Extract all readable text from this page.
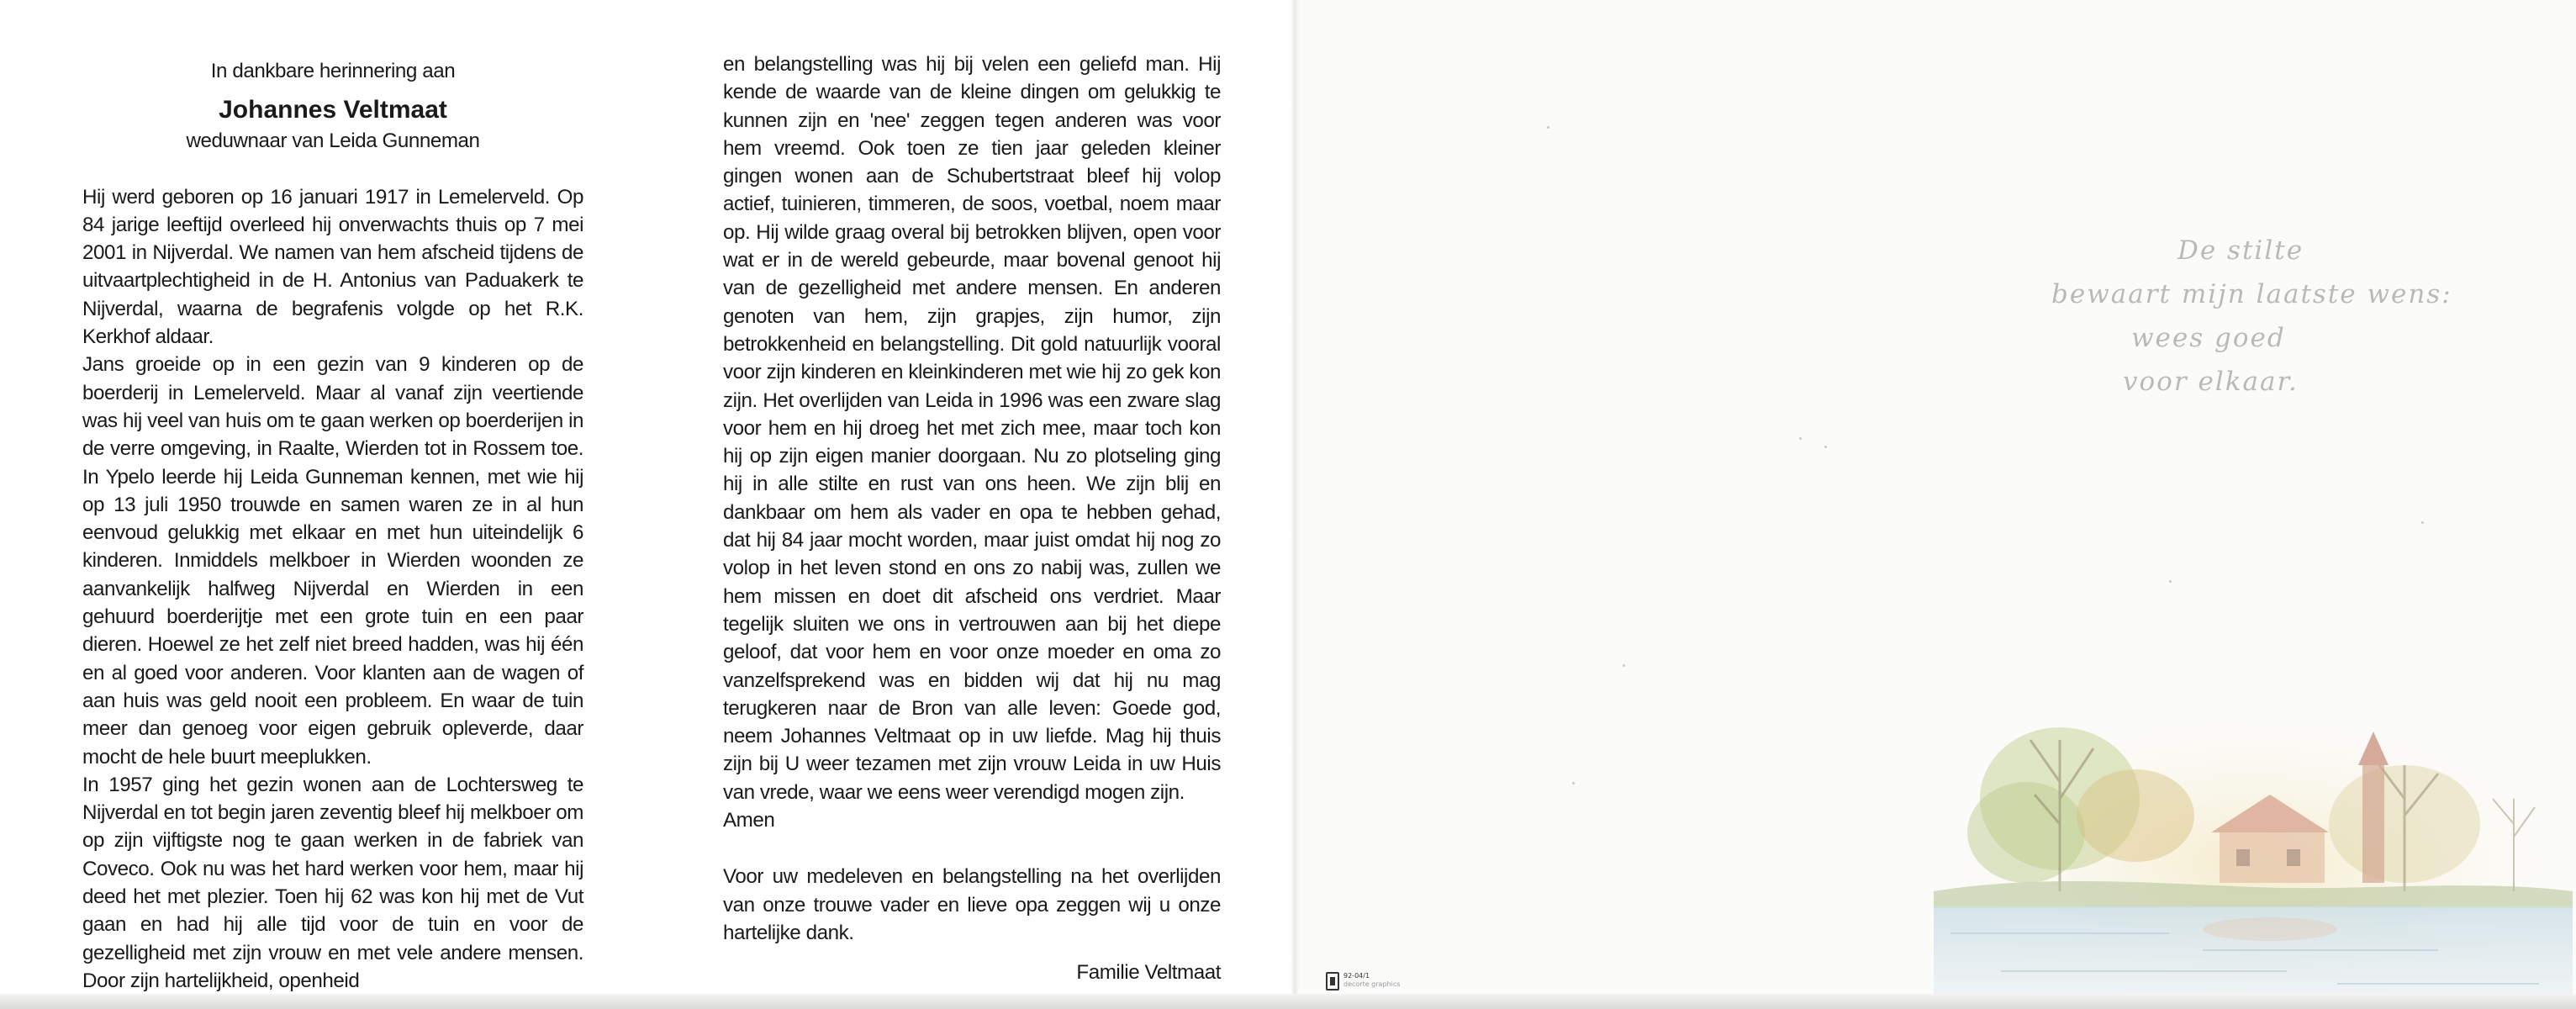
In dankbare herinnering aan
Johannes Veltmaat
weduwnaar van Leida Gunneman

Hij werd geboren op 16 januari 1917 in Lemelerveld. Op 84 jarige leeftijd overleed hij onverwachts thuis op 7 mei 2001 in Nijverdal. We namen van hem afscheid tijdens de uitvaartplechtigheid in de H. Antonius van Paduakerk te Nijverdal, waarna de begrafenis volgde op het R.K. Kerkhof aldaar.

Jans groeide op in een gezin van 9 kinderen op de boerderij in Lemelerveld. Maar al vanaf zijn veertiende was hij veel van huis om te gaan werken op boerderijen in de verre omgeving, in Raalte, Wierden tot in Rossem toe. In Ypelo leerde hij Leida Gunneman kennen, met wie hij op 13 juli 1950 trouwde en samen waren ze in al hun eenvoud gelukkig met elkaar en met hun uiteindelijk 6 kinderen. Inmiddels melkboer in Wierden woonden ze aanvankelijk halfweg Nijverdal en Wierden in een gehuurd boerderijtje met een grote tuin en een paar dieren. Hoewel ze het zelf niet breed hadden, was hij één en al goed voor anderen. Voor klanten aan de wagen of aan huis was geld nooit een probleem. En waar de tuin meer dan genoeg voor eigen gebruik opleverde, daar mocht de hele buurt meeplukken.

In 1957 ging het gezin wonen aan de Lochtersweg te Nijverdal en tot begin jaren zeventig bleef hij melkboer om op zijn vijftigste nog te gaan werken in de fabriek van Coveco. Ook nu was het hard werken voor hem, maar hij deed het met plezier. Toen hij 62 was kon hij met de Vut gaan en had hij alle tijd voor de tuin en voor de gezelligheid met zijn vrouw en met vele andere mensen. Door zijn hartelijkheid, openheid

en belangstelling was hij bij velen een geliefd man. Hij kende de waarde van de kleine dingen om gelukkig te kunnen zijn en 'nee' zeggen tegen anderen was voor hem vreemd. Ook toen ze tien jaar geleden kleiner gingen wonen aan de Schubertstraat bleef hij volop actief, tuinieren, timmeren, de soos, voetbal, noem maar op. Hij wilde graag overal bij betrokken blijven, open voor wat er in de wereld gebeurde, maar bovenal genoot hij van de gezelligheid met andere mensen. En anderen genoten van hem, zijn grapjes, zijn humor, zijn betrokkenheid en belangstelling. Dit gold natuurlijk vooral voor zijn kinderen en kleinkinderen met wie hij zo gek kon zijn. Het overlijden van Leida in 1996 was een zware slag voor hem en hij droeg het met zich mee, maar toch kon hij op zijn eigen manier doorgaan. Nu zo plotseling ging hij in alle stilte en rust van ons heen. We zijn blij en dankbaar om hem als vader en opa te hebben gehad, dat hij 84 jaar mocht worden, maar juist omdat hij nog zo volop in het leven stond en ons zo nabij was, zullen we hem missen en doet dit afscheid ons verdriet. Maar tegelijk sluiten we ons in vertrouwen aan bij het diepe geloof, dat voor hem en voor onze moeder en oma zo vanzelfsprekend was en bidden wij dat hij nu mag terugkeren naar de Bron van alle leven: Goede god, neem Johannes Veltmaat op in uw liefde. Mag hij thuis zijn bij U weer tezamen met zijn vrouw Leida in uw Huis van vrede, waar we eens weer verendigd mogen zijn.

Amen

Voor uw medeleven en belangstelling na het overlijden van onze trouwe vader en lieve opa zeggen wij u onze hartelijke dank.

Familie Veltmaat

De stilte
bewaart mijn laatste wens:
wees goed
voor elkaar.
92-04/1
decorte graphics
